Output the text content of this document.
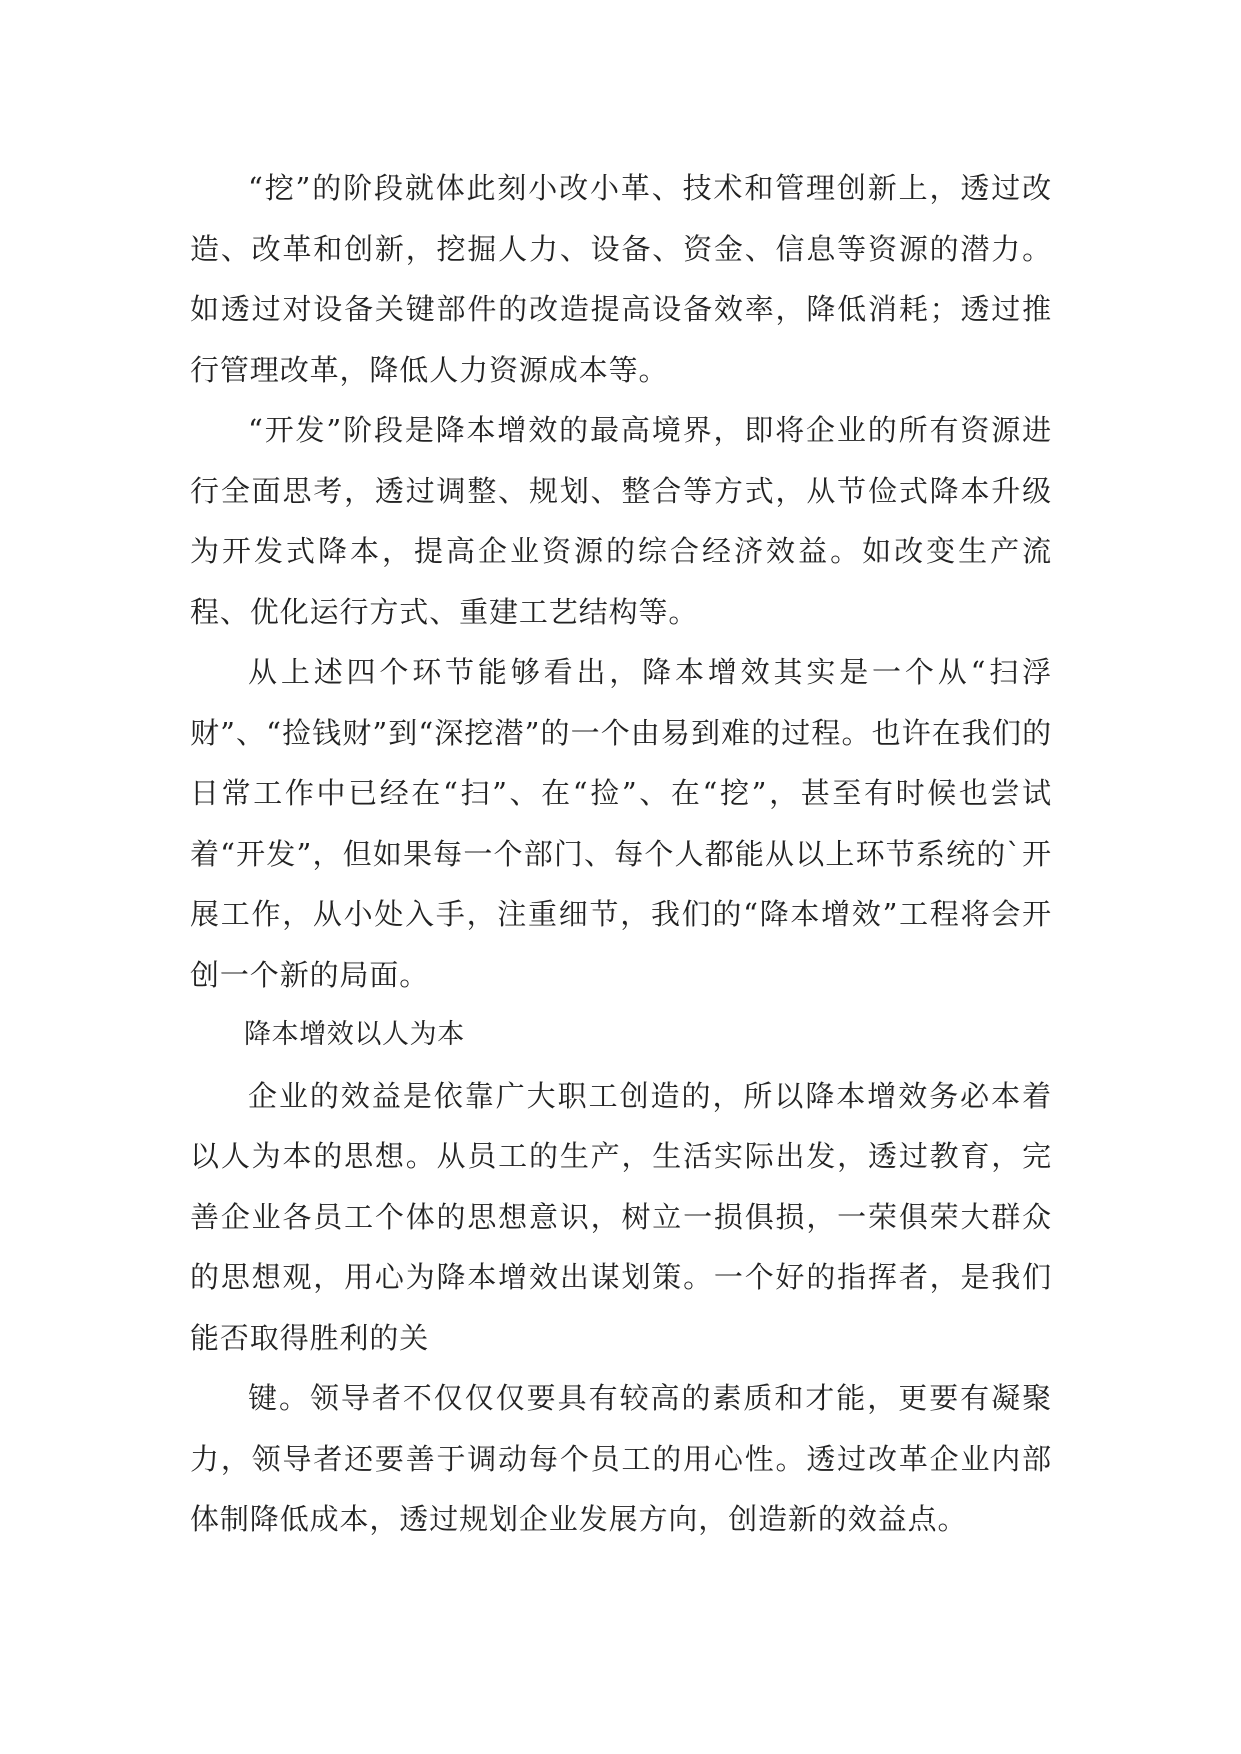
“挖”的阶段就体此刻小改小革、技术和管理创新上，透过改造、改革和创新，挖掘人力、设备、资金、信息等资源的潜力。如透过对设备关键部件的改造提高设备效率，降低消耗；透过推行管理改革，降低人力资源成本等。

“开发”阶段是降本增效的最高境界，即将企业的所有资源进行全面思考，透过调整、规划、整合等方式，从节俭式降本升级为开发式降本，提高企业资源的综合经济效益。如改变生产流程、优化运行方式、重建工艺结构等。

从上述四个环节能够看出，降本增效其实是一个从“扫浮财”、“捡钱财”到“深挖潜”的一个由易到难的过程。也许在我们的日常工作中已经在“扫”、在“捡”、在“挖”，甚至有时候也尝试着“开发”，但如果每一个部门、每个人都能从以上环节系统的`开展工作，从小处入手，注重细节，我们的“降本增效”工程将会开创一个新的局面。

降本增效以人为本

企业的效益是依靠广大职工创造的，所以降本增效务必本着以人为本的思想。从员工的生产，生活实际出发，透过教育，完善企业各员工个体的思想意识，树立一损俱损，一荣俱荣大群众的思想观，用心为降本增效出谋划策。一个好的指挥者，是我们能否取得胜利的关

键。领导者不仅仅仅要具有较高的素质和才能，更要有凝聚力，领导者还要善于调动每个员工的用心性。透过改革企业内部体制降低成本，透过规划企业发展方向，创造新的效益点。
